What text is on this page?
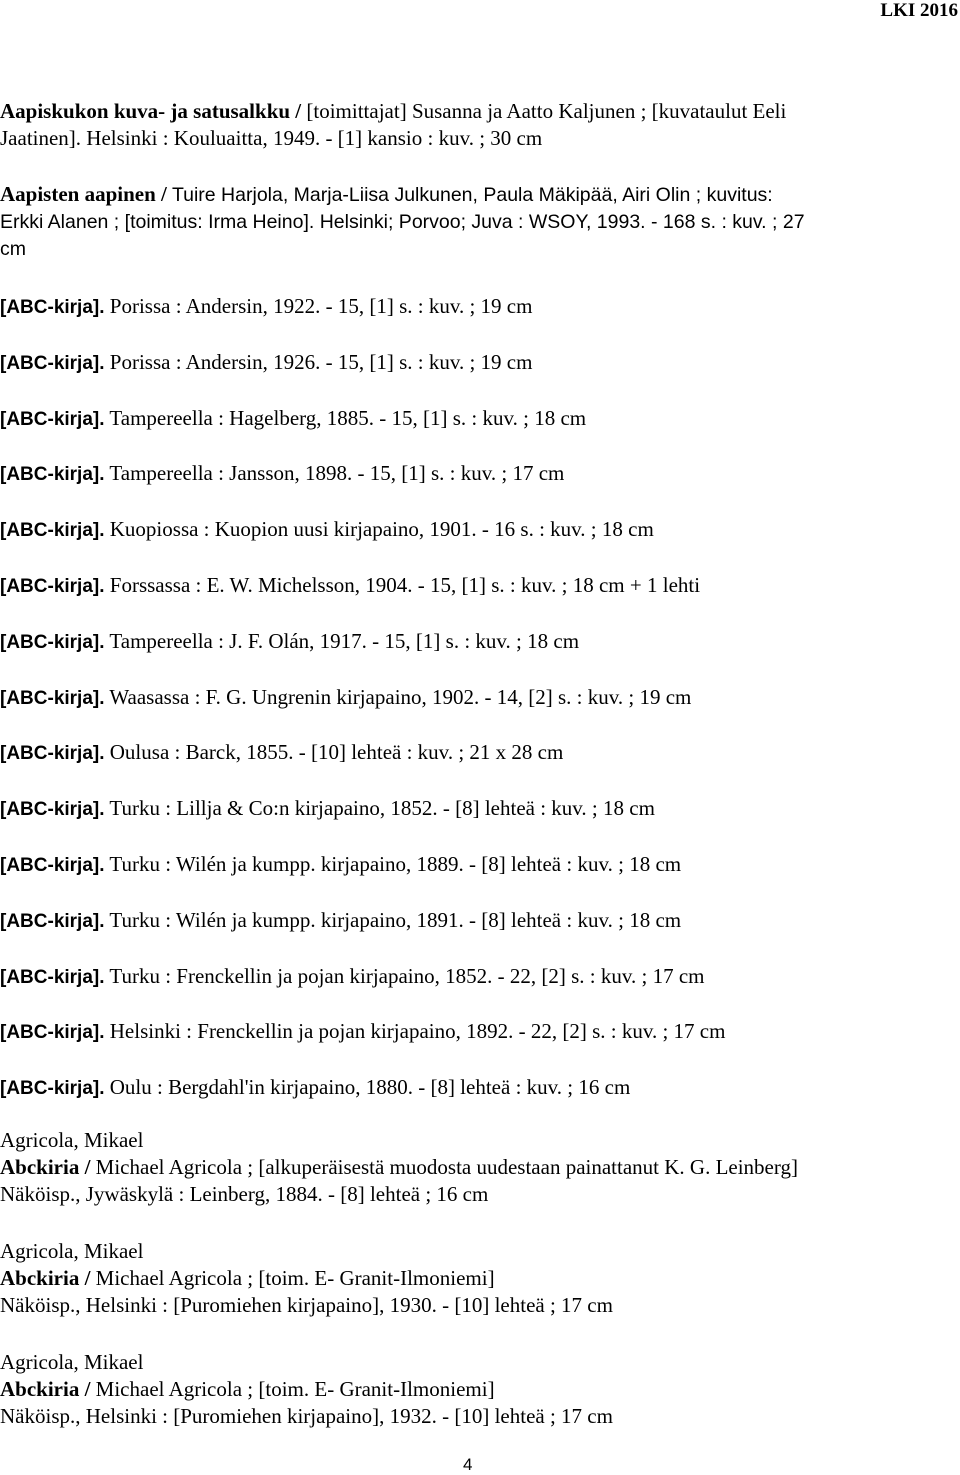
LKI 2016
Aapiskukon kuva- ja satusalkku / [toimittajat] Susanna ja Aatto Kaljunen ; [kuvataulut Eeli
Jaatinen]. Helsinki : Kouluaitta, 1949. - [1] kansio : kuv. ; 30 cm
Aapisten aapinen / Tuire Harjola, Marja-Liisa Julkunen, Paula Mäkipää, Airi Olin ; kuvitus:
Erkki Alanen ; [toimitus: Irma Heino]. Helsinki; Porvoo; Juva : WSOY, 1993. - 168 s. : kuv. ; 27
cm
[ABC-kirja]. Porissa : Andersin, 1922. - 15, [1] s. : kuv. ; 19 cm
[ABC-kirja]. Porissa : Andersin, 1926. - 15, [1] s. : kuv. ; 19 cm
[ABC-kirja]. Tampereella : Hagelberg, 1885. - 15, [1] s. : kuv. ; 18 cm
[ABC-kirja]. Tampereella : Jansson, 1898. - 15, [1] s. : kuv. ; 17 cm
[ABC-kirja]. Kuopiossa : Kuopion uusi kirjapaino, 1901. - 16 s. : kuv. ; 18 cm
[ABC-kirja]. Forssassa : E. W. Michelsson, 1904. - 15, [1] s. : kuv. ; 18 cm + 1 lehti
[ABC-kirja]. Tampereella : J. F. Olán, 1917. - 15, [1] s. : kuv. ; 18 cm
[ABC-kirja]. Waasassa : F. G. Ungrenin kirjapaino, 1902. - 14, [2] s. : kuv. ; 19 cm
[ABC-kirja]. Oulusa : Barck, 1855. - [10] lehteä : kuv. ; 21 x 28 cm
[ABC-kirja]. Turku : Lillja & Co:n kirjapaino, 1852. - [8] lehteä : kuv. ; 18 cm
[ABC-kirja]. Turku : Wilén ja kumpp. kirjapaino, 1889. - [8] lehteä : kuv. ; 18 cm
[ABC-kirja]. Turku : Wilén ja kumpp. kirjapaino, 1891. - [8] lehteä : kuv. ; 18 cm
[ABC-kirja]. Turku : Frenckellin ja pojan kirjapaino, 1852. - 22, [2] s. : kuv. ; 17 cm
[ABC-kirja]. Helsinki : Frenckellin ja pojan kirjapaino, 1892. - 22, [2] s. : kuv. ; 17 cm
[ABC-kirja]. Oulu : Bergdahl'in kirjapaino, 1880. - [8] lehteä : kuv. ; 16 cm
Agricola, Mikael
Abckiria / Michael Agricola ; [alkuperäisestä muodosta uudestaan painattanut K. G. Leinberg]
Näköisp., Jywäskylä : Leinberg, 1884. - [8] lehteä ; 16 cm
Agricola, Mikael
Abckiria / Michael Agricola ; [toim. E- Granit-Ilmoniemi]
Näköisp., Helsinki : [Puromiehen kirjapaino], 1930. - [10] lehteä ; 17 cm
Agricola, Mikael
Abckiria / Michael Agricola ; [toim. E- Granit-Ilmoniemi]
Näköisp., Helsinki : [Puromiehen kirjapaino], 1932. - [10] lehteä ; 17 cm
4
